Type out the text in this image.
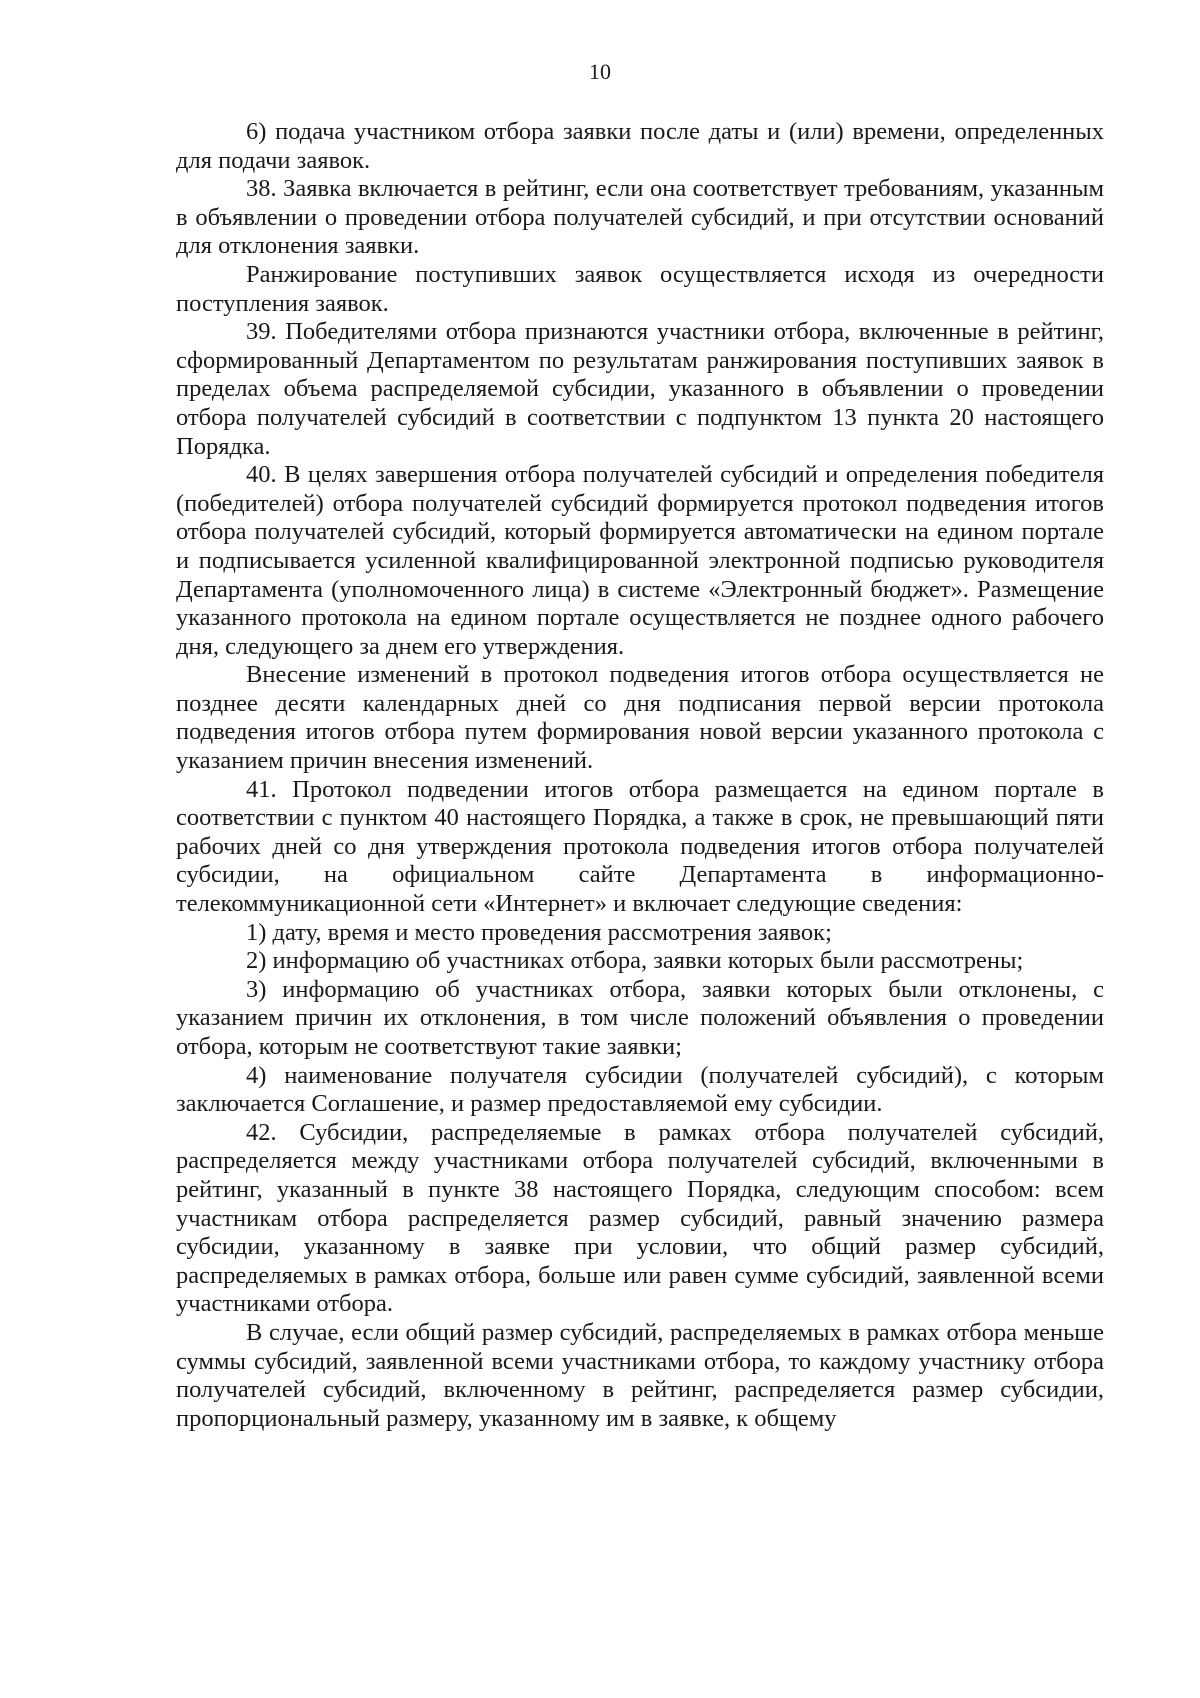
10

6) подача участником отбора заявки после даты и (или) времени, определенных для подачи заявок.

38. Заявка включается в рейтинг, если она соответствует требованиям, указанным в объявлении о проведении отбора получателей субсидий, и при отсутствии оснований для отклонения заявки.

Ранжирование поступивших заявок осуществляется исходя из очередности поступления заявок.

39. Победителями отбора признаются участники отбора, включенные в рейтинг, сформированный Департаментом по результатам ранжирования поступивших заявок в пределах объема распределяемой субсидии, указанного в объявлении о проведении отбора получателей субсидий в соответствии с подпунктом 13 пункта 20 настоящего Порядка.

40. В целях завершения отбора получателей субсидий и определения победителя (победителей) отбора получателей субсидий формируется протокол подведения итогов отбора получателей субсидий, который формируется автоматически на едином портале и подписывается усиленной квалифицированной электронной подписью руководителя Департамента (уполномоченного лица) в системе «Электронный бюджет». Размещение указанного протокола на едином портале осуществляется не позднее одного рабочего дня, следующего за днем его утверждения.

Внесение изменений в протокол подведения итогов отбора осуществляется не позднее десяти календарных дней со дня подписания первой версии протокола подведения итогов отбора путем формирования новой версии указанного протокола с указанием причин внесения изменений.

41. Протокол подведении итогов отбора размещается на едином портале в соответствии с пунктом 40 настоящего Порядка, а также в срок, не превышающий пяти рабочих дней со дня утверждения протокола подведения итогов отбора получателей субсидии, на официальном сайте Департамента в информационно-телекоммуникационной сети «Интернет» и включает следующие сведения:

1) дату, время и место проведения рассмотрения заявок;

2) информацию об участниках отбора, заявки которых были рассмотрены;

3) информацию об участниках отбора, заявки которых были отклонены, с указанием причин их отклонения, в том числе положений объявления о проведении отбора, которым не соответствуют такие заявки;

4) наименование получателя субсидии (получателей субсидий), с которым заключается Соглашение, и размер предоставляемой ему субсидии.

42. Субсидии, распределяемые в рамках отбора получателей субсидий, распределяется между участниками отбора получателей субсидий, включенными в рейтинг, указанный в пункте 38 настоящего Порядка, следующим способом: всем участникам отбора распределяется размер субсидий, равный значению размера субсидии, указанному в заявке при условии, что общий размер субсидий, распределяемых в рамках отбора, больше или равен сумме субсидий, заявленной всеми участниками отбора.

В случае, если общий размер субсидий, распределяемых в рамках отбора меньше суммы субсидий, заявленной всеми участниками отбора, то каждому участнику отбора получателей субсидий, включенному в рейтинг, распределяется размер субсидии, пропорциональный размеру, указанному им в заявке, к общему
